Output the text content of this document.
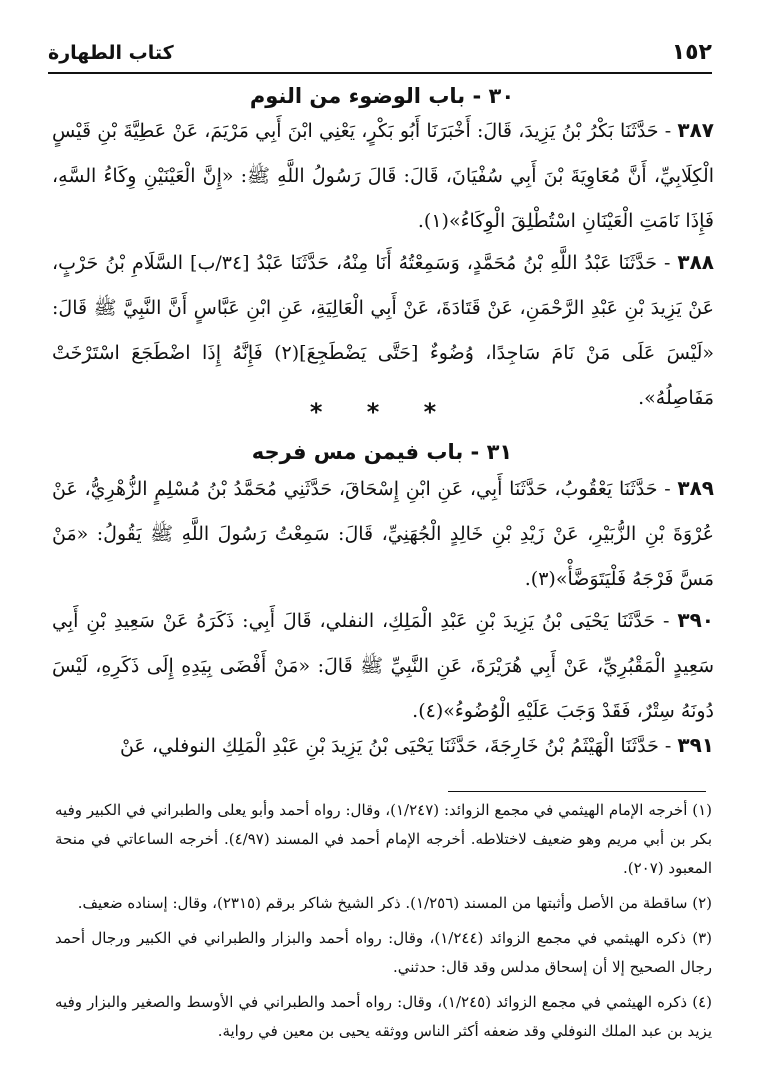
كتاب الطهارة	١٥٢
٣٠ - باب الوضوء من النوم
٣٨٧ - حَدَّثَنَا بَكْرُ بْنُ يَزِيدَ، قَالَ: أَخْبَرَنَا أَبُو بَكْرٍ، يَعْنِي ابْنَ أَبِي مَرْيَمَ، عَنْ عَطِيَّةَ بْنِ قَيْسٍ الْكِلَابِيِّ، أَنَّ مُعَاوِيَةَ بْنَ أَبِي سُفْيَانَ، قَالَ: قَالَ رَسُولُ اللَّهِ ﷺ: «إِنَّ الْعَيْنَيْنِ وِكَاءُ السَّهِ، فَإِذَا نَامَتِ الْعَيْنَانِ اسْتُطْلِقَ الْوِكَاءُ»(١).
٣٨٨ - حَدَّثَنَا عَبْدُ اللَّهِ بْنُ مُحَمَّدٍ، وَسَمِعْتُهُ أَنَا مِنْهُ، حَدَّثَنَا عَبْدُ [٣٤/ب] السَّلَامِ بْنُ حَرْبٍ، عَنْ يَزِيدَ بْنِ عَبْدِ الرَّحْمَنِ، عَنْ قَتَادَةَ، عَنْ أَبِي الْعَالِيَةِ، عَنِ ابْنِ عَبَّاسٍ أَنَّ النَّبِيَّ ﷺ قَالَ: «لَيْسَ عَلَى مَنْ نَامَ سَاجِدًا، وُضُوءٌ [حَتَّى يَضْطَجِعَ](٢) فَإِنَّهُ إِذَا اضْطَجَعَ اسْتَرْخَتْ مَفَاصِلُهُ».
* * *
٣١ - باب فيمن مس فرجه
٣٨٩ - حَدَّثَنَا يَعْقُوبُ، حَدَّثَنَا أَبِي، عَنِ ابْنِ إِسْحَاقَ، حَدَّثَنِي مُحَمَّدُ بْنُ مُسْلِمٍ الزُّهْرِيُّ، عَنْ عُرْوَةَ بْنِ الزُّبَيْرِ، عَنْ زَيْدِ بْنِ خَالِدٍ الْجُهَنِيِّ، قَالَ: سَمِعْتُ رَسُولَ اللَّهِ ﷺ يَقُولُ: «مَنْ مَسَّ فَرْجَهُ فَلْيَتَوَضَّأْ»(٣).
٣٩٠ - حَدَّثَنَا يَحْيَى بْنُ يَزِيدَ بْنِ عَبْدِ الْمَلِكِ، النفلي، قَالَ أَبِي: ذَكَرَهُ عَنْ سَعِيدِ بْنِ أَبِي سَعِيدٍ الْمَقْبُرِيِّ، عَنْ أَبِي هُرَيْرَةَ، عَنِ النَّبِيِّ ﷺ قَالَ: «مَنْ أَفْضَى بِيَدِهِ إِلَى ذَكَرِهِ، لَيْسَ دُونَهُ سِتْرٌ، فَقَدْ وَجَبَ عَلَيْهِ الْوُضُوءُ»(٤).
٣٩١ - حَدَّثَنَا الْهَيْثَمُ بْنُ خَارِجَةَ، حَدَّثَنَا يَحْيَى بْنُ يَزِيدَ بْنِ عَبْدِ الْمَلِكِ النوفلي، عَنْ

(١) أخرجه الإمام الهيثمي في مجمع الزوائد: (١/٢٤٧)، وقال: رواه أحمد وأبو يعلى والطبراني في الكبير وفيه بكر بن أبي مريم وهو ضعيف لاختلاطه. أخرجه الإمام أحمد في المسند (٤/٩٧). أخرجه الساعاتي في منحة المعبود (٢٠٧).

(٢) ساقطة من الأصل وأثبتها من المسند (١/٢٥٦). ذكر الشيخ شاكر برقم (٢٣١٥)، وقال: إسناده ضعيف.

(٣) ذكره الهيثمي في مجمع الزوائد (١/٢٤٤)، وقال: رواه أحمد والبزار والطبراني في الكبير ورجال أحمد رجال الصحيح إلا أن إسحاق مدلس وقد قال: حدثني.

(٤) ذكره الهيثمي في مجمع الزوائد (١/٢٤٥)، وقال: رواه أحمد والطبراني في الأوسط والصغير والبزار وفيه يزيد بن عبد الملك النوفلي وقد ضعفه أكثر الناس ووثقه يحيى بن معين في رواية.
